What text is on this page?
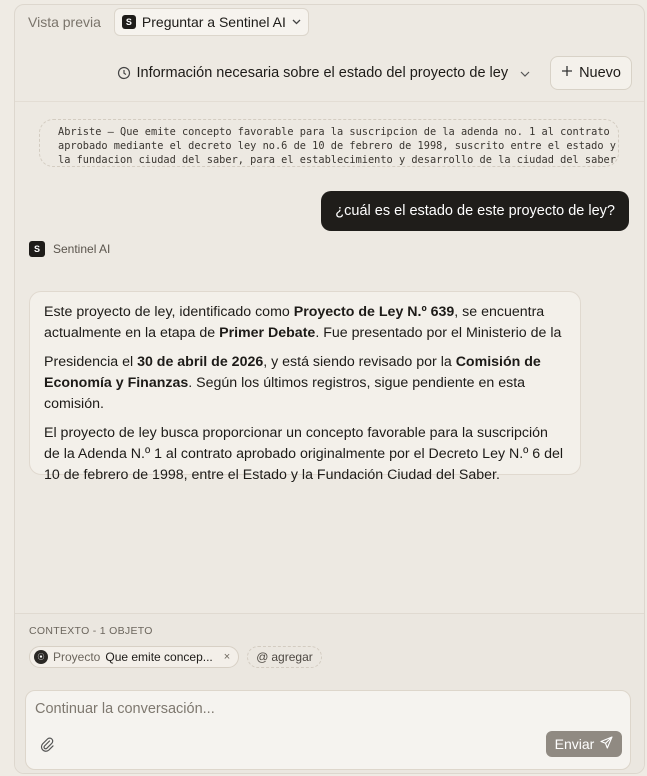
Vista previa	S Preguntar a Sentinel AI
Información necesaria sobre el estado del proyecto de ley	Nuevo
Abriste — Que emite concepto favorable para la suscripcion de la adenda no. 1 al contrato
aprobado mediante el decreto ley no.6 de 10 de febrero de 1998, suscrito entre el estado y
la fundacion ciudad del saber, para el establecimiento y desarrollo de la ciudad del saber
¿cuál es el estado de este proyecto de ley?
S	Sentinel AI

Este proyecto de ley, identificado como Proyecto de Ley N.º 639, se encuentra actualmente en la etapa de Primer Debate. Fue presentado por el Ministerio de la

Presidencia el 30 de abril de 2026, y está siendo revisado por la Comisión de Economía y Finanzas. Según los últimos registros, sigue pendiente en esta comisión.

El proyecto de ley busca proporcionar un concepto favorable para la suscripción de la Adenda N.º 1 al contrato aprobado originalmente por el Decreto Ley N.º 6 del 10 de febrero de 1998, entre el Estado y la Fundación Ciudad del Saber.

CONTEXTO - 1 OBJETO
⦿ Proyecto Que emite concep... × @ agregar
Continuar la conversación...
Enviar
